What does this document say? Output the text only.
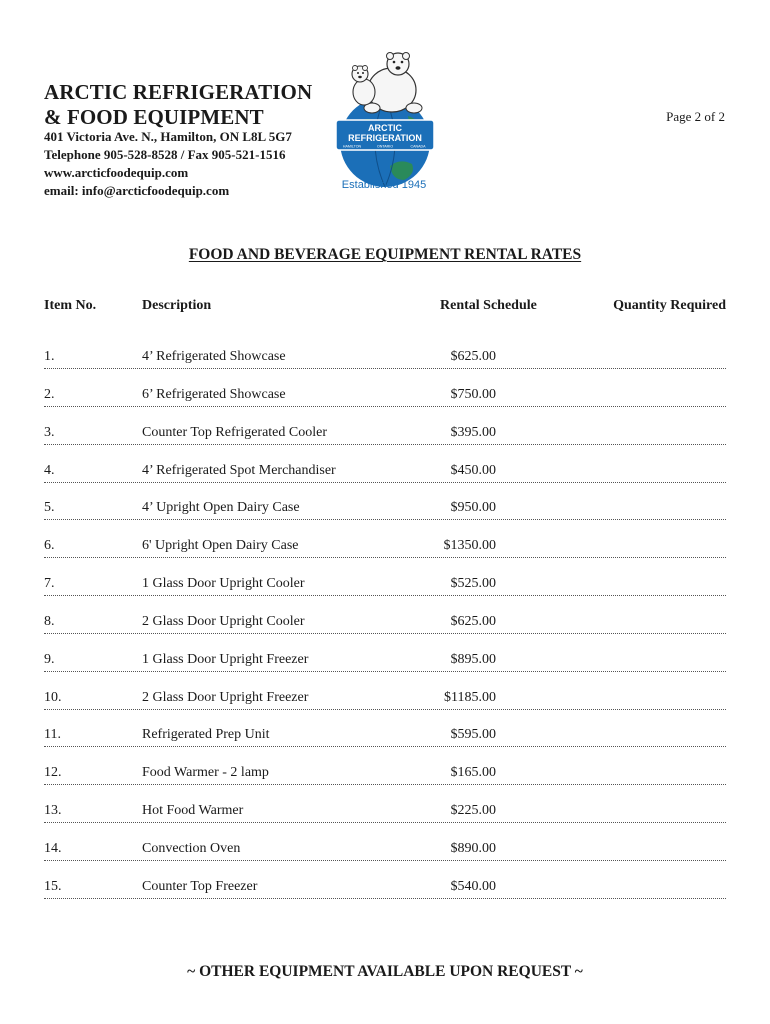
ARCTIC REFRIGERATION
& FOOD EQUIPMENT
401 Victoria Ave. N., Hamilton, ON L8L 5G7
Telephone 905-528-8528 / Fax 905-521-1516
www.arcticfoodequip.com
email: info@arcticfoodequip.com
ARCTIC
REFRIGERATION
HAMILTON	ONTARIO	CANADA
Established 1945
Page 2 of 2
FOOD AND BEVERAGE EQUIPMENT RENTAL RATES
Item No.	Description	Rental Schedule	Quantity Required
1.	4’ Refrigerated Showcase	$625.00
2.	6’ Refrigerated Showcase	$750.00
3.	Counter Top Refrigerated Cooler	$395.00
4.	4’ Refrigerated Spot Merchandiser	$450.00
5.	4’ Upright Open Dairy Case	$950.00
6.	6' Upright Open Dairy Case	$1350.00
7.	1 Glass Door Upright Cooler	$525.00
8.	2 Glass Door Upright Cooler	$625.00
9.	1 Glass Door Upright Freezer	$895.00
10.	2 Glass Door Upright Freezer	$1185.00
11.	Refrigerated Prep Unit	$595.00
12.	Food Warmer - 2 lamp	$165.00
13.	Hot Food Warmer	$225.00
14.	Convection Oven	$890.00
15.	Counter Top Freezer	$540.00

~ OTHER EQUIPMENT AVAILABLE UPON REQUEST ~
